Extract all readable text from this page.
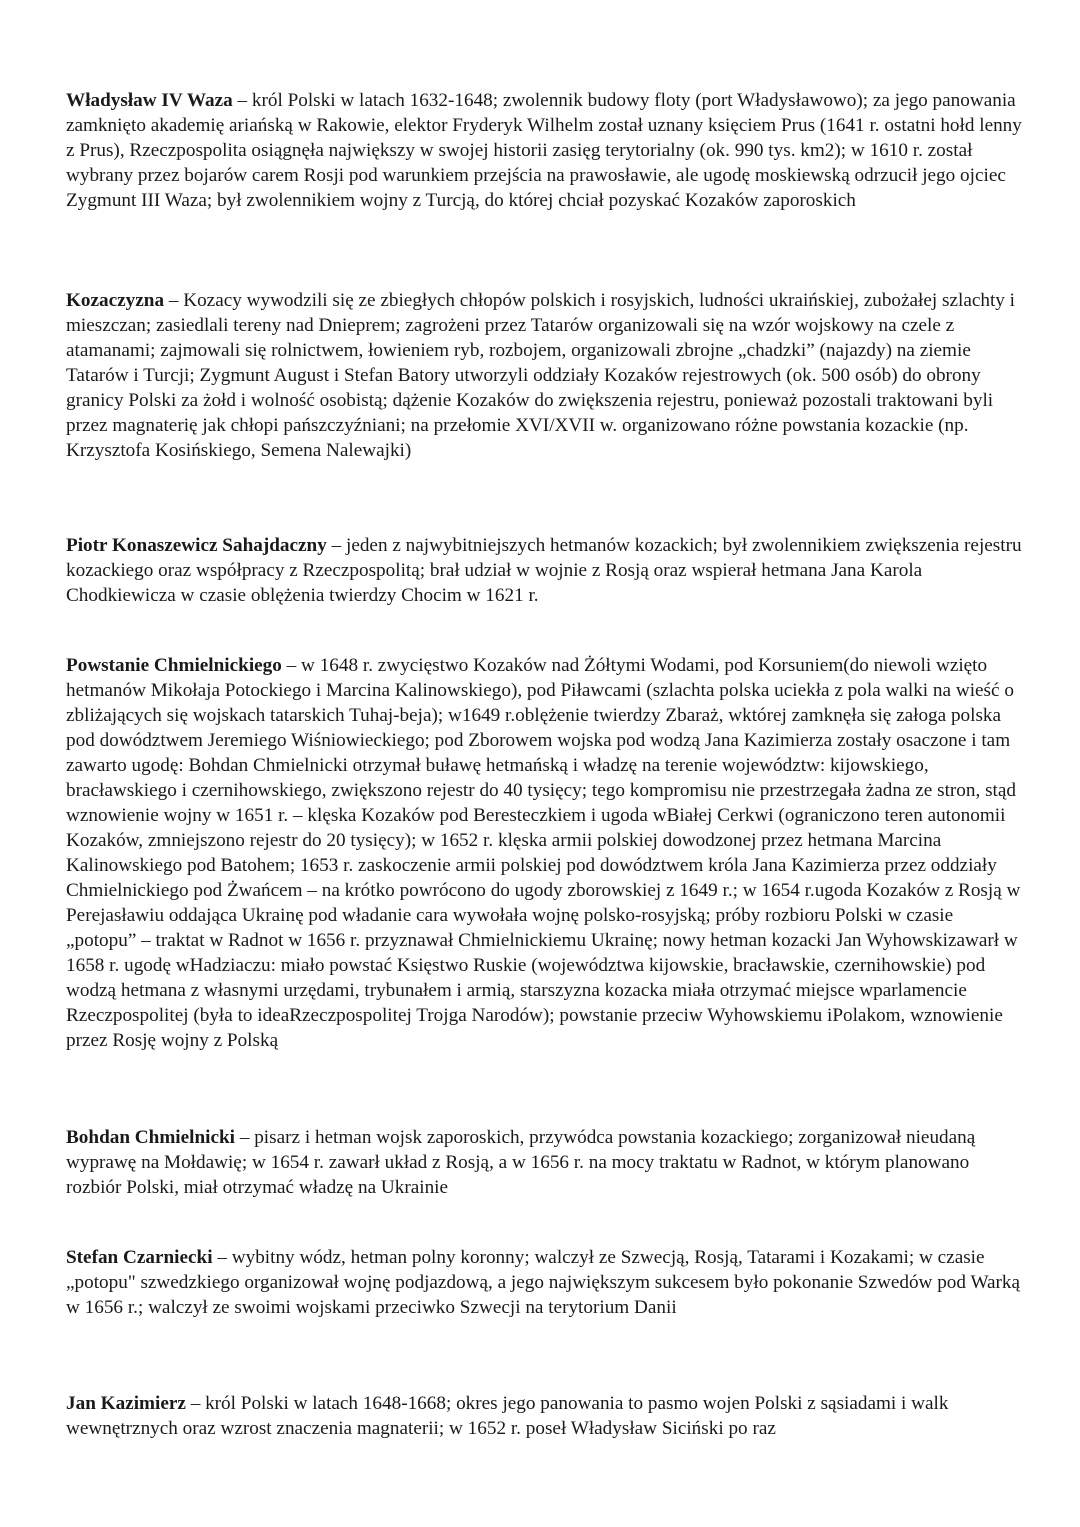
Władysław IV Waza – król Polski w latach 1632-1648; zwolennik budowy floty (port Władysławowo); za jego panowania zamknięto akademię ariańską w Rakowie, elektor Fryderyk Wilhelm został uznany księciem Prus (1641 r. ostatni hołd lenny z Prus), Rzeczpospolita osiągnęła największy w swojej historii zasięg terytorialny (ok. 990 tys. km2); w 1610 r. został wybrany przez bojarów carem Rosji pod warunkiem przejścia na prawosławie, ale ugodę moskiewską odrzucił jego ojciec Zygmunt III Waza; był zwolennikiem wojny z Turcją, do której chciał pozyskać Kozaków zaporoskich

Kozaczyzna – Kozacy wywodzili się ze zbiegłych chłopów polskich i rosyjskich, ludności ukraińskiej, zubożałej szlachty i mieszczan; zasiedlali tereny nad Dnieprem; zagrożeni przez Tatarów organizowali się na wzór wojskowy na czele z atamanami; zajmowali się rolnictwem, łowieniem ryb, rozbojem, organizowali zbrojne „chadzki” (najazdy) na ziemie Tatarów i Turcji; Zygmunt August i Stefan Batory utworzyli oddziały Kozaków rejestrowych (ok. 500 osób) do obrony granicy Polski za żołd i wolność osobistą; dążenie Kozaków do zwiększenia rejestru, ponieważ pozostali traktowani byli przez magnaterię jak chłopi pańszczyźniani; na przełomie XVI/XVII w. organizowano różne powstania kozackie (np. Krzysztofa Kosińskiego, Semena Nalewajki)

Piotr Konaszewicz Sahajdaczny – jeden z najwybitniejszych hetmanów kozackich; był zwolennikiem zwiększenia rejestru kozackiego oraz współpracy z Rzeczpospolitą; brał udział w wojnie z Rosją oraz wspierał hetmana Jana Karola Chodkiewicza w czasie oblężenia twierdzy Chocim w 1621 r.

Powstanie Chmielnickiego – w 1648 r. zwycięstwo Kozaków nad Żółtymi Wodami, pod Korsuniem(do niewoli wzięto hetmanów Mikołaja Potockiego i Marcina Kalinowskiego), pod Piławcami (szlachta polska uciekła z pola walki na wieść o zbliżających się wojskach tatarskich Tuhaj-beja); w1649 r.oblężenie twierdzy Zbaraż, wktórej zamknęła się załoga polska pod dowództwem Jeremiego Wiśniowieckiego; pod Zborowem wojska pod wodzą Jana Kazimierza zostały osaczone i tam zawarto ugodę: Bohdan Chmielnicki otrzymał buławę hetmańską i władzę na terenie województw: kijowskiego, bracławskiego i czernihowskiego, zwiększono rejestr do 40 tysięcy; tego kompromisu nie przestrzegała żadna ze stron, stąd wznowienie wojny w 1651 r. – klęska Kozaków pod Beresteczkiem i ugoda wBiałej Cerkwi (ograniczono teren autonomii Kozaków, zmniejszono rejestr do 20 tysięcy); w 1652 r. klęska armii polskiej dowodzonej przez hetmana Marcina Kalinowskiego pod Batohem; 1653 r. zaskoczenie armii polskiej pod dowództwem króla Jana Kazimierza przez oddziały Chmielnickiego pod Żwańcem – na krótko powrócono do ugody zborowskiej z 1649 r.; w 1654 r.ugoda Kozaków z Rosją w Perejasławiu oddająca Ukrainę pod władanie cara wywołała wojnę polsko-rosyjską; próby rozbioru Polski w czasie „potopu” – traktat w Radnot w 1656 r. przyznawał Chmielnickiemu Ukrainę; nowy hetman kozacki Jan Wyhowskizawarł w 1658 r. ugodę wHadziaczu: miało powstać Księstwo Ruskie (województwa kijowskie, bracławskie, czernihowskie) pod wodzą hetmana z własnymi urzędami, trybunałem i armią, starszyzna kozacka miała otrzymać miejsce wparlamencie Rzeczpospolitej (była to ideaRzeczpospolitej Trojga Narodów); powstanie przeciw Wyhowskiemu iPolakom, wznowienie przez Rosję wojny z Polską

Bohdan Chmielnicki – pisarz i hetman wojsk zaporoskich, przywódca powstania kozackiego; zorganizował nieudaną wyprawę na Mołdawię; w 1654 r. zawarł układ z Rosją, a w 1656 r. na mocy traktatu w Radnot, w którym planowano rozbiór Polski, miał otrzymać władzę na Ukrainie

Stefan Czarniecki – wybitny wódz, hetman polny koronny; walczył ze Szwecją, Rosją, Tatarami i Kozakami; w czasie „potopu" szwedzkiego organizował wojnę podjazdową, a jego największym sukcesem było pokonanie Szwedów pod Warką w 1656 r.; walczył ze swoimi wojskami przeciwko Szwecji na terytorium Danii

Jan Kazimierz – król Polski w latach 1648-1668; okres jego panowania to pasmo wojen Polski z sąsiadami i walk wewnętrznych oraz wzrost znaczenia magnaterii; w 1652 r. poseł Władysław Siciński po raz
